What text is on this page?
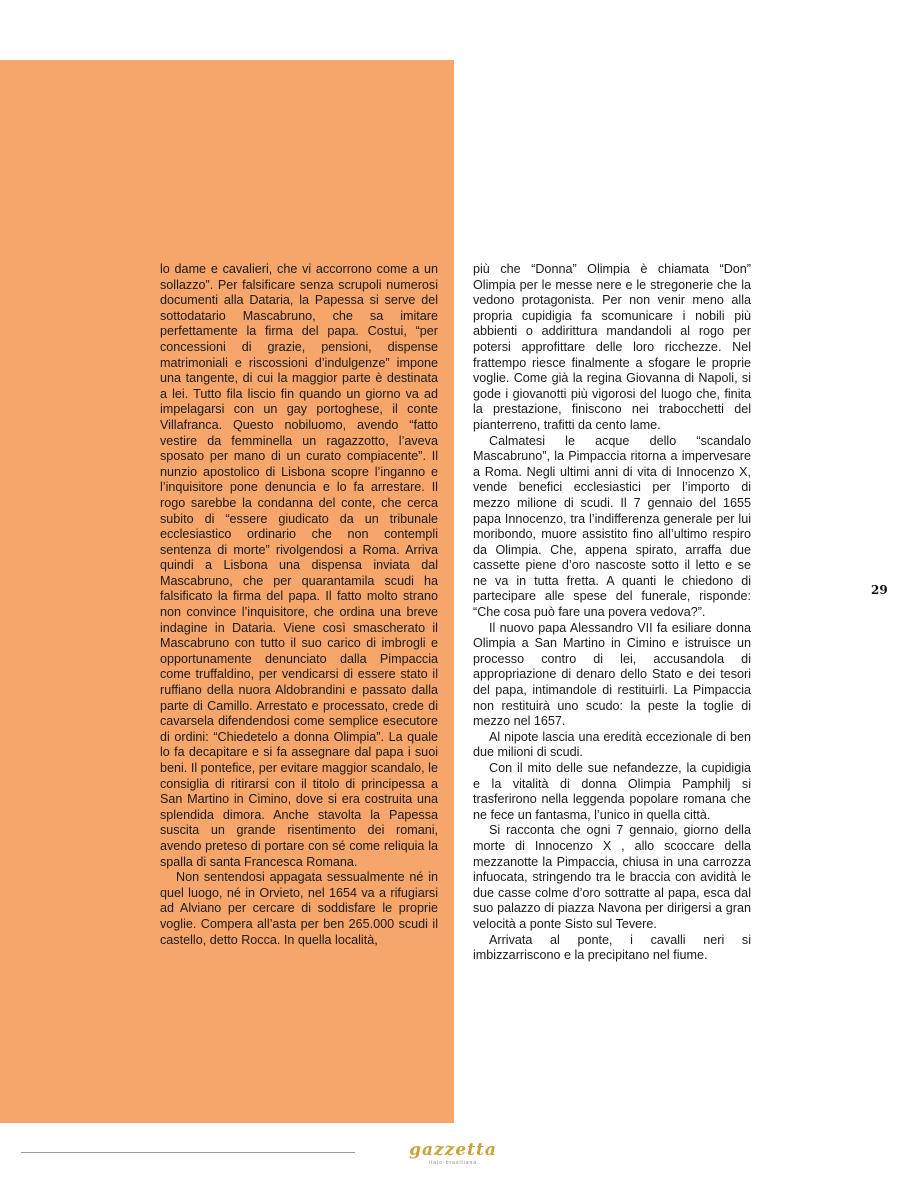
lo dame e cavalieri, che vi accorrono come a un sollazzo”. Per falsificare senza scrupoli numerosi documenti alla Dataria, la Papessa si serve del sottodatario Mascabruno, che sa imitare perfettamente la firma del papa. Costui, “per concessioni di grazie, pensioni, dispense matrimoniali e riscossioni d’indulgenze” impone una tangente, di cui la maggior parte è destinata a lei. Tutto fila liscio fin quando un giorno va ad impelagarsi con un gay portoghese, il conte Villafranca. Questo nobiluomo, avendo “fatto vestire da femminella un ragazzotto, l’aveva sposato per mano di un curato compiacente”. Il nunzio apostolico di Lisbona scopre l’inganno e l’inquisitore pone denuncia e lo fa arrestare. Il rogo sarebbe la condanna del conte, che cerca subito di “essere giudicato da un tribunale ecclesiastico ordinario che non contempli sentenza di morte” rivolgendosi a Roma. Arriva quindi a Lisbona una dispensa inviata dal Mascabruno, che per quarantamila scudi ha falsificato la firma del papa. Il fatto molto strano non convince l’inquisitore, che ordina una breve indagine in Dataria. Viene così smascherato il Mascabruno con tutto il suo carico di imbrogli e opportunamente denunciato dalla Pimpaccia come truffaldino, per vendicarsi di essere stato il ruffiano della nuora Aldobrandini e passato dalla parte di Camillo. Arrestato e processato, crede di cavarsela difendendosi come semplice esecutore di ordini: “Chiedetelo a donna Olimpia”. La quale lo fa decapitare e si fa assegnare dal papa i suoi beni. Il pontefice, per evitare maggior scandalo, le consiglia di ritirarsi con il titolo di principessa a San Martino in Cimino, dove si era costruita una splendida dimora. Anche stavolta la Papessa suscita un grande risentimento dei romani, avendo preteso di portare con sé come reliquia la spalla di santa Francesca Romana.

Non sentendosi appagata sessualmente né in quel luogo, né in Orvieto, nel 1654 va a rifugiarsi ad Alviano per cercare di soddisfare le proprie voglie. Compera all’asta per ben 265.000 scudi il castello, detto Rocca. In quella località,

più che “Donna” Olimpia è chiamata “Don” Olimpia per le messe nere e le stregonerie che la vedono protagonista. Per non venir meno alla propria cupidigia fa scomunicare i nobili più abbienti o addirittura mandandoli al rogo per potersi approfittare delle loro ricchezze. Nel frattempo riesce finalmente a sfogare le proprie voglie. Come già la regina Giovanna di Napoli, si gode i giovanotti più vigorosi del luogo che, finita la prestazione, finiscono nei trabocchetti del pianterreno, trafitti da cento lame.

Calmatesi le acque dello “scandalo Mascabruno”, la Pimpaccia ritorna a impervesare a Roma. Negli ultimi anni di vita di Innocenzo X, vende benefici ecclesiastici per l’importo di mezzo milione di scudi. Il 7 gennaio del 1655 papa Innocenzo, tra l’indifferenza generale per lui moribondo, muore assistito fino all’ultimo respiro da Olimpia. Che, appena spirato, arraffa due cassette piene d’oro nascoste sotto il letto e se ne va in tutta fretta. A quanti le chiedono di partecipare alle spese del funerale, risponde: “Che cosa può fare una povera vedova?”.

Il nuovo papa Alessandro VII fa esiliare donna Olimpia a San Martino in Cimino e istruisce un processo contro di lei, accusandola di appropriazione di denaro dello Stato e dei tesori del papa, intimandole di restituirli. La Pimpaccia non restituirà uno scudo: la peste la toglie di mezzo nel 1657.

Al nipote lascia una eredità eccezionale di ben due milioni di scudi.

Con il mito delle sue nefandezze, la cupidigia e la vitalità di donna Olimpia Pamphilj si trasferirono nella leggenda popolare romana che ne fece un fantasma, l’unico in quella città.

Si racconta che ogni 7 gennaio, giorno della morte di Innocenzo X , allo scoccare della mezzanotte la Pimpaccia, chiusa in una carrozza infuocata, stringendo tra le braccia con avidità le due casse colme d’oro sottratte al papa, esca dal suo palazzo di piazza Navona per dirigersi a gran velocità a ponte Sisto sul Tevere.

Arrivata al ponte, i cavalli neri si imbizzarriscono e la precipitano nel fiume.

29
gazzetta
italo-brasiliana
